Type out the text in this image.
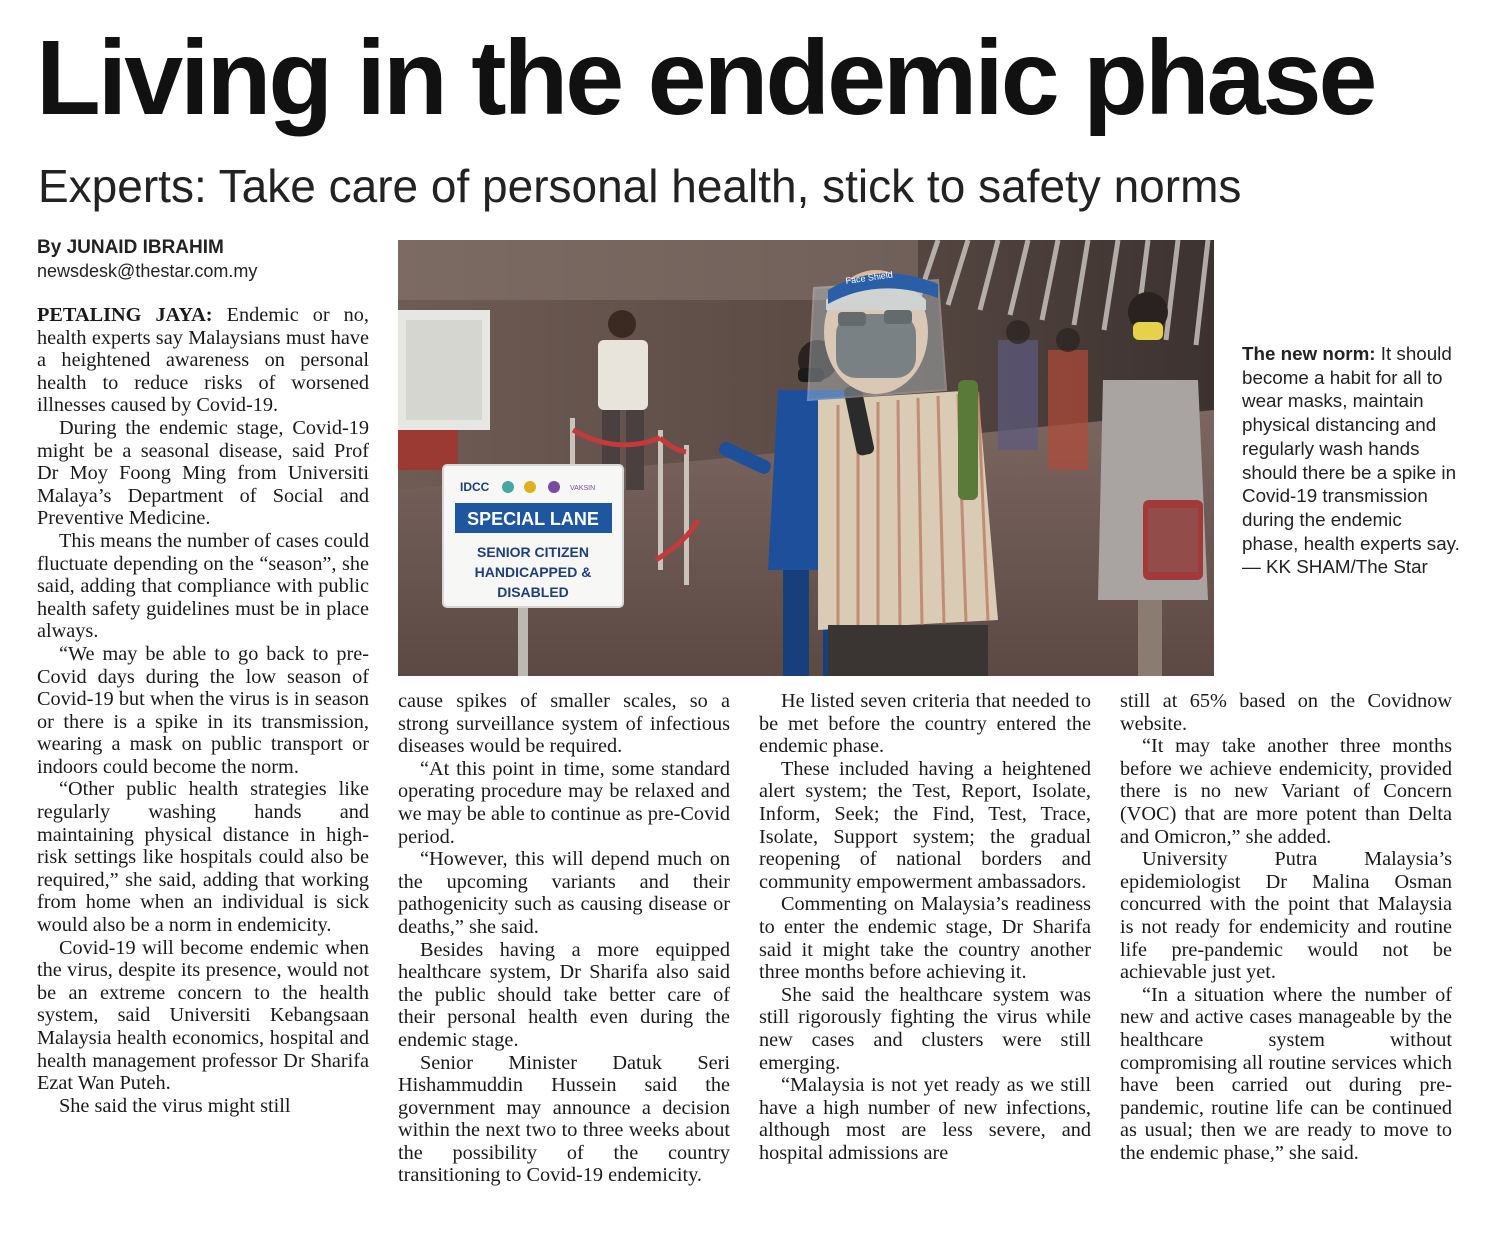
Living in the endemic phase
Experts: Take care of personal health, stick to safety norms
By JUNAID IBRAHIM
newsdesk@thestar.com.my

PETALING JAYA: Endemic or no, health experts say Malaysians must have a heightened awareness on personal health to reduce risks of worsened illnesses caused by Covid-19.

During the endemic stage, Covid-19 might be a seasonal disease, said Prof Dr Moy Foong Ming from Universiti Malaya’s Department of Social and Preventive Medicine.

This means the number of cases could fluctuate depending on the “season”, she said, adding that compliance with public health safety guidelines must be in place always.

“We may be able to go back to pre-Covid days during the low season of Covid-19 but when the virus is in season or there is a spike in its transmission, wearing a mask on public transport or indoors could become the norm.

“Other public health strategies like regularly washing hands and maintaining physical distance in high-risk settings like hospitals could also be required,” she said, adding that working from home when an individual is sick would also be a norm in endemicity.

Covid-19 will become endemic when the virus, despite its presence, would not be an extreme concern to the health system, said Universiti Kebangsaan Malaysia health economics, hospital and health management professor Dr Sharifa Ezat Wan Puteh.

She said the virus might still

Face Shield
IDCC	VAKSIN
SPECIAL LANE
SENIOR CITIZEN
HANDICAPPED &
DISABLED
The new norm: It should become a habit for all to wear masks, maintain physical distancing and regularly wash hands should there be a spike in Covid-19 transmission during the endemic phase, health experts say.
— KK SHAM/The Star

cause spikes of smaller scales, so a strong surveillance system of infectious diseases would be required.

“At this point in time, some standard operating procedure may be relaxed and we may be able to continue as pre-Covid period.

“However, this will depend much on the upcoming variants and their pathogenicity such as causing disease or deaths,” she said.

Besides having a more equipped healthcare system, Dr Sharifa also said the public should take better care of their personal health even during the endemic stage.

Senior Minister Datuk Seri Hishammuddin Hussein said the government may announce a decision within the next two to three weeks about the possibility of the country transitioning to Covid-19 endemicity.

He listed seven criteria that needed to be met before the country entered the endemic phase.

These included having a heightened alert system; the Test, Report, Isolate, Inform, Seek; the Find, Test, Trace, Isolate, Support system; the gradual reopening of national borders and community empowerment ambassadors.

Commenting on Malaysia’s readiness to enter the endemic stage, Dr Sharifa said it might take the country another three months before achieving it.

She said the healthcare system was still rigorously fighting the virus while new cases and clusters were still emerging.

“Malaysia is not yet ready as we still have a high number of new infections, although most are less severe, and hospital admissions are

still at 65% based on the Covidnow website.

“It may take another three months before we achieve endemicity, provided there is no new Variant of Concern (VOC) that are more potent than Delta and Omicron,” she added.

University Putra Malaysia’s epidemiologist Dr Malina Osman concurred with the point that Malaysia is not ready for endemicity and routine life pre-pandemic would not be achievable just yet.

“In a situation where the number of new and active cases manageable by the healthcare system without compromising all routine services which have been carried out during pre-pandemic, routine life can be continued as usual; then we are ready to move to the endemic phase,” she said.
